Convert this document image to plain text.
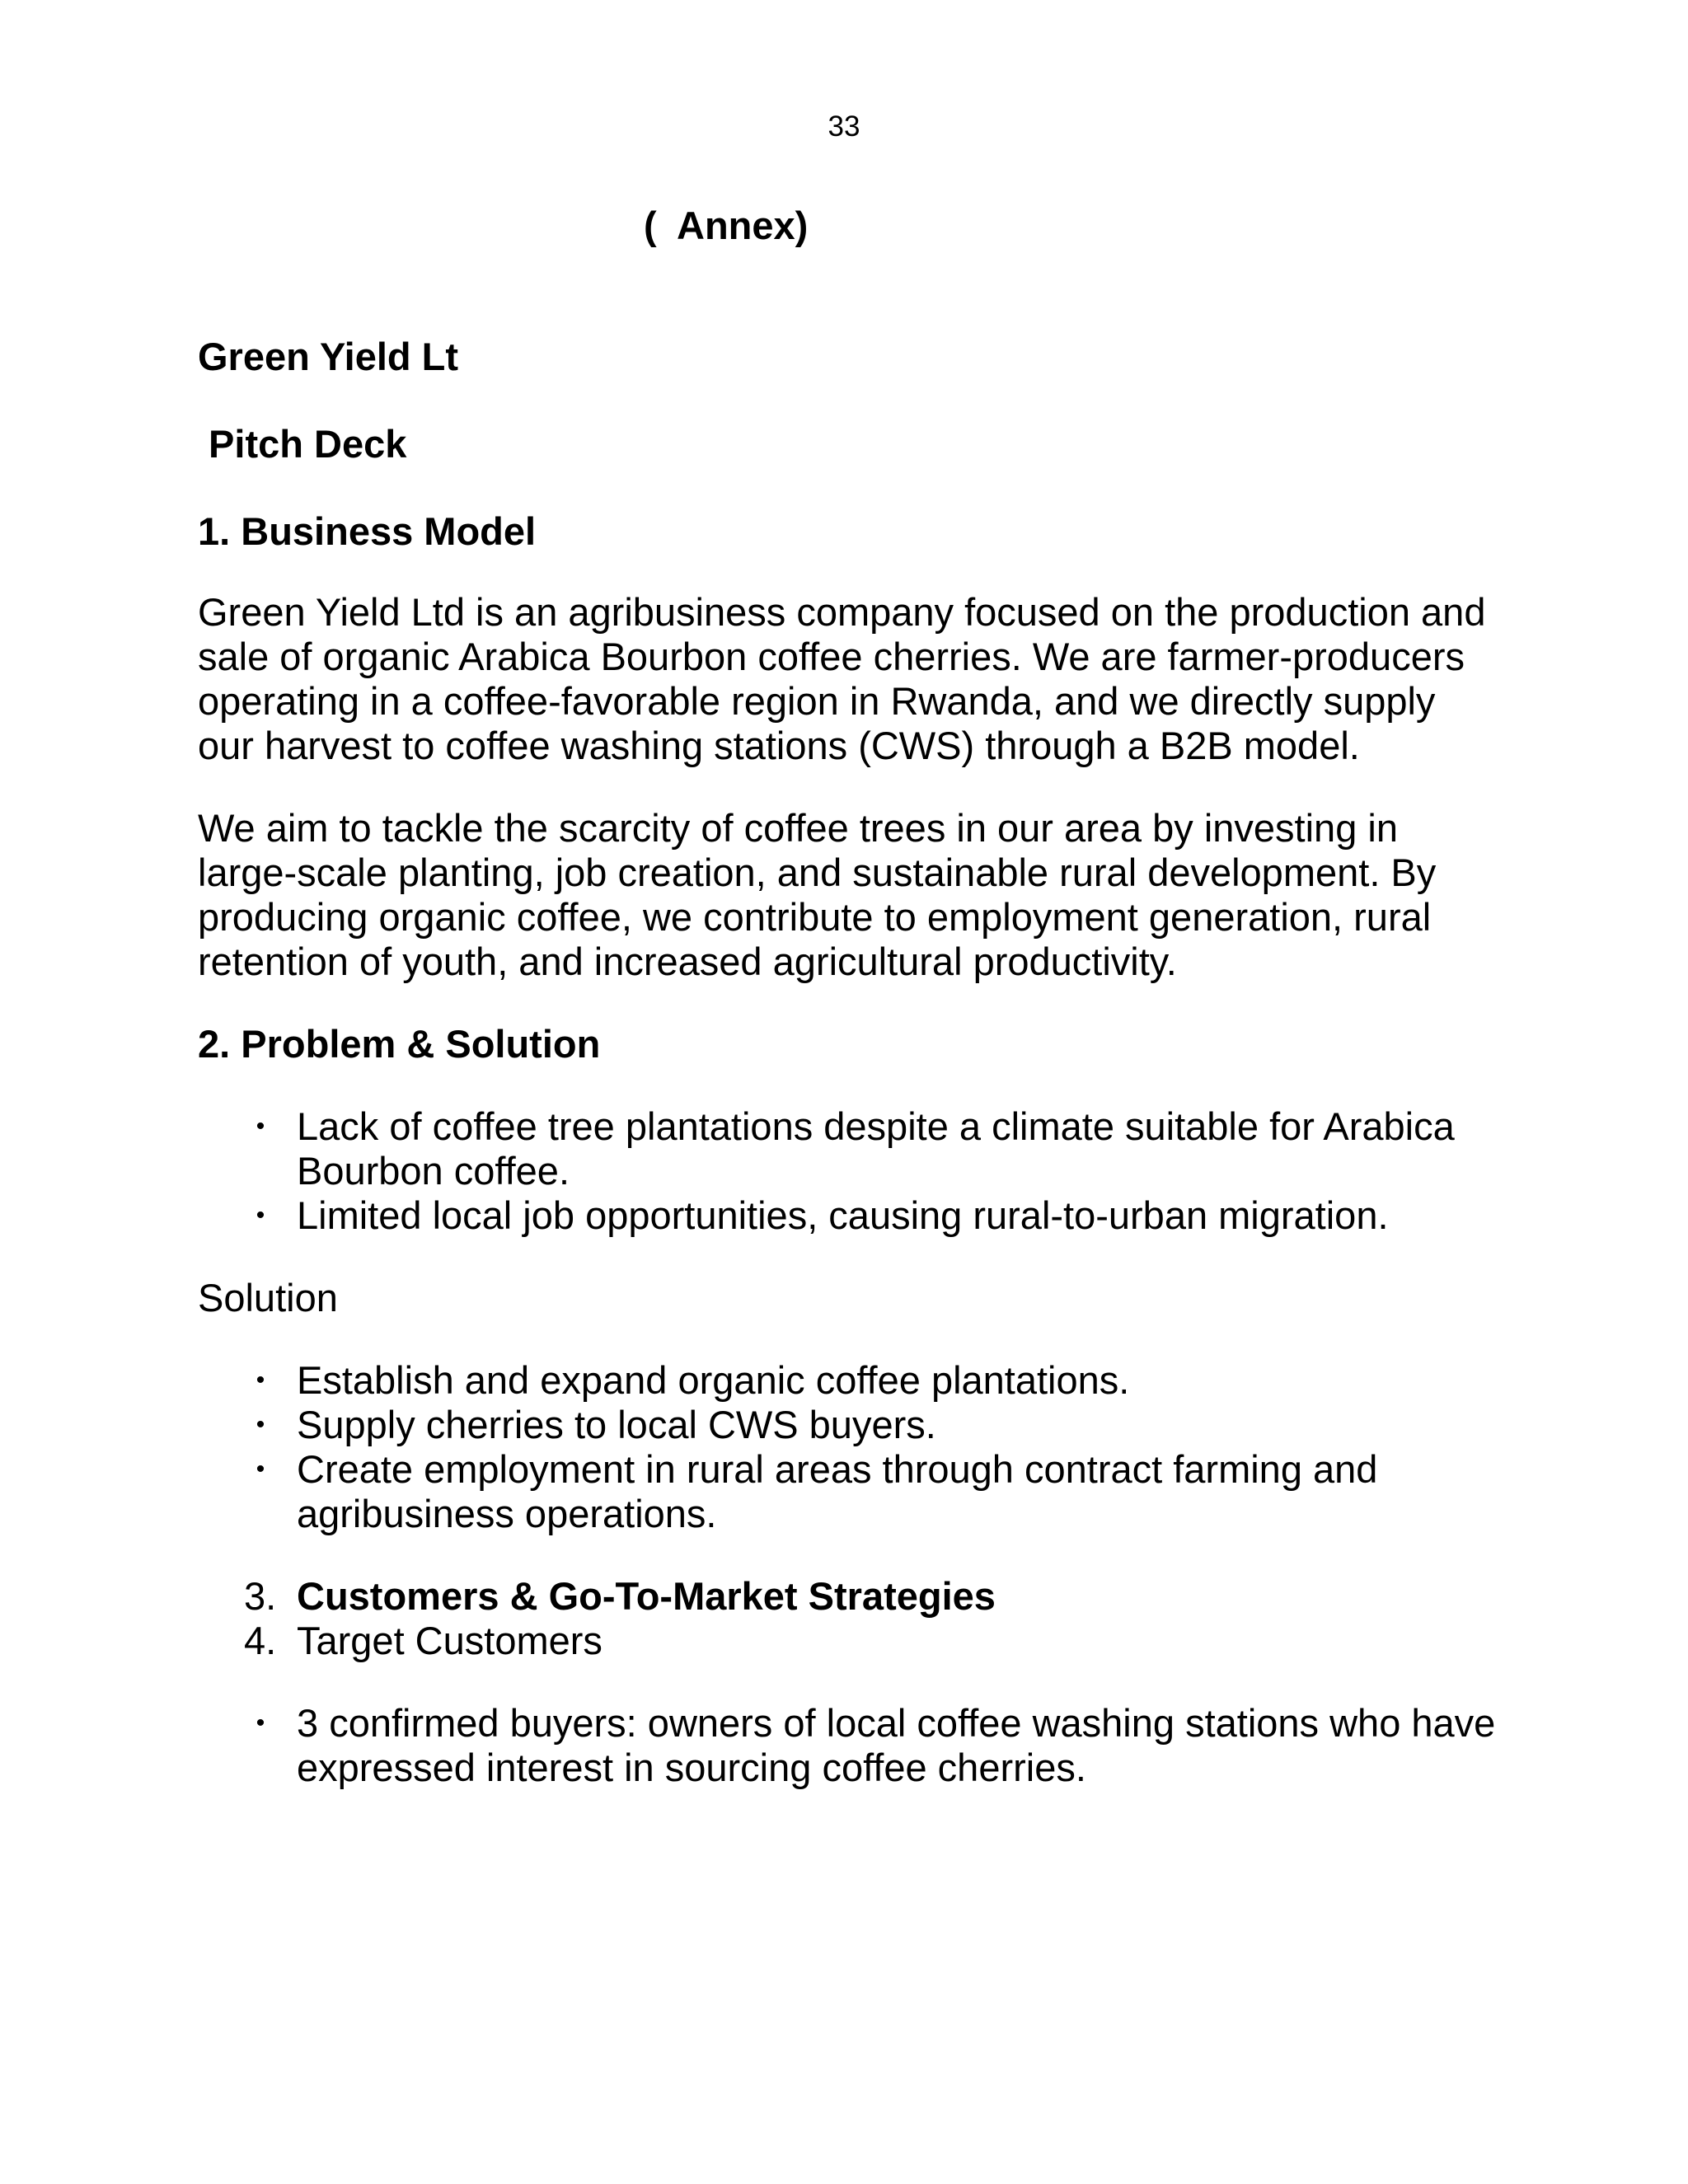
33
(  Annex)
Green Yield Lt
Pitch Deck
1. Business Model

Green Yield Ltd is an agribusiness company focused on the production and sale of organic Arabica Bourbon coffee cherries. We are farmer-producers operating in a coffee-favorable region in Rwanda, and we directly supply our harvest to coffee washing stations (CWS) through a B2B model.

We aim to tackle the scarcity of coffee trees in our area by investing in large-scale planting, job creation, and sustainable rural development. By producing organic coffee, we contribute to employment generation, rural retention of youth, and increased agricultural productivity.

2. Problem & Solution
• Lack of coffee tree plantations despite a climate suitable for Arabica Bourbon coffee.
• Limited local job opportunities, causing rural-to-urban migration.

Solution

• Establish and expand organic coffee plantations.
• Supply cherries to local CWS buyers.
• Create employment in rural areas through contract farming and agribusiness operations.
3. Customers & Go-To-Market Strategies
4. Target Customers
• 3 confirmed buyers: owners of local coffee washing stations who have expressed interest in sourcing coffee cherries.
